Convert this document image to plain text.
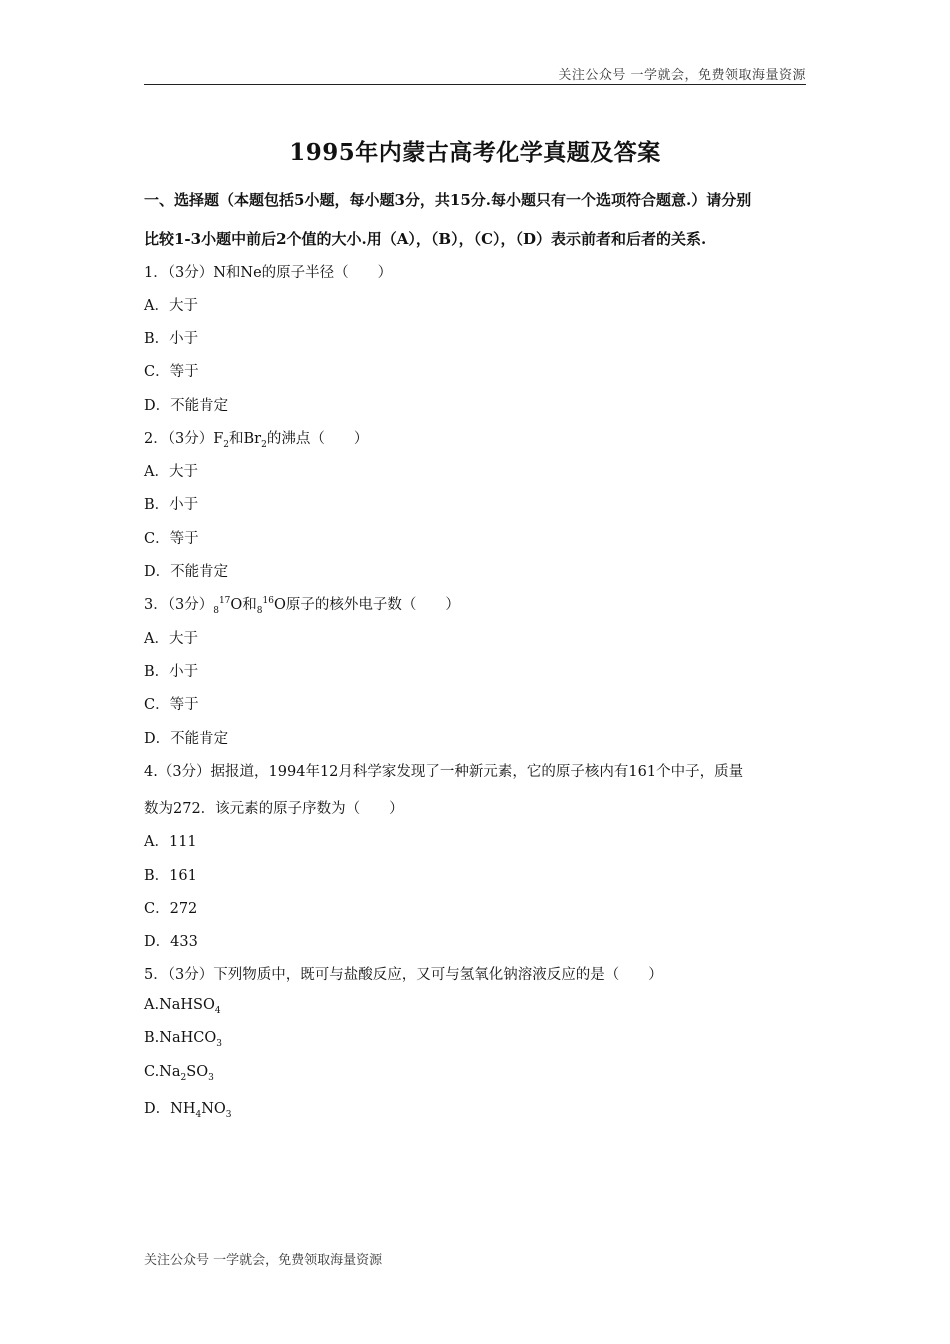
关注公众号 一学就会，免费领取海量资源
1995年内蒙古高考化学真题及答案
一、选择题（本题包括5小题，每小题3分，共15分.每小题只有一个选项符合题意.）请分别
比较1-3小题中前后2个值的大小.用（A），（B），（C），（D）表示前者和后者的关系.
1．（3分）N和Ne的原子半径（　　）
A．大于
B．小于
C．等于
D．不能肯定
2．（3分）$F_2$和$Br_2$的沸点（　　）
A．大于
B．小于
C．等于
D．不能肯定
3．（3分）$_8^{17}O$和$_8^{16}$O原子的核外电子数（　　）
A．大于
B．小于
C．等于
D．不能肯定
4.（3分）据报道，1994年12月科学家发现了一种新元素，它的原子核内有161个中子，质量
数为272．该元素的原子序数为（　　）
A．111
B．161
C．272
D．433
5．（3分）下列物质中，既可与盐酸反应，又可与氢氧化钠溶液反应的是（　　）
A.NaHSO$_4$
B.NaHCO$_3$
$C.Na_2SO_3$
D．$NH_4NO_3$
关注公众号 一学就会，免费领取海量资源
